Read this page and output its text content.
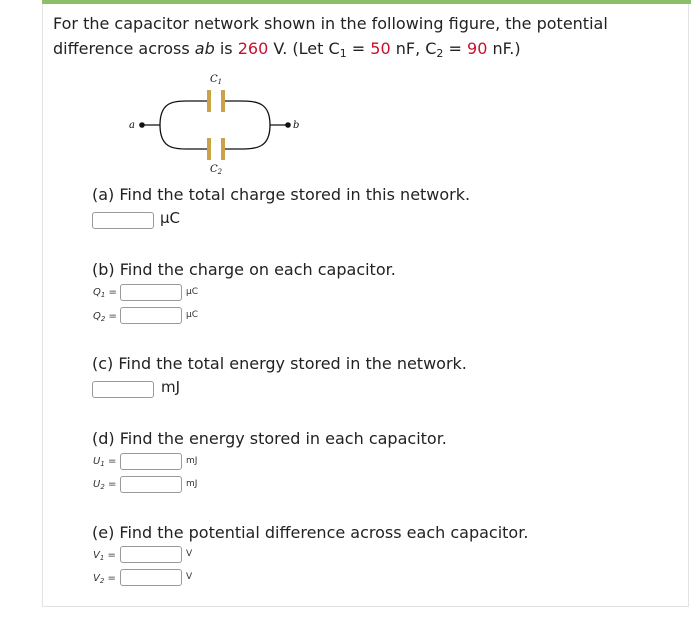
For the capacitor network shown in the following figure, the potential difference across ab is 260 V. (Let $C_1 = 50$ nF, $C_2 = 90$ nF.)
a	b
$C_1$
$C_2$
(a) Find the total charge stored in this network.
μC
(b) Find the charge on each capacitor.
$Q_1$ =	μC
$Q_2$ =	μC
(c) Find the total energy stored in the network.
mJ
(d) Find the energy stored in each capacitor.
$U_1$ =	mJ
$U_2$ =	mJ
(e) Find the potential difference across each capacitor.
$V_1$ =	V
$V_2$ =	V
